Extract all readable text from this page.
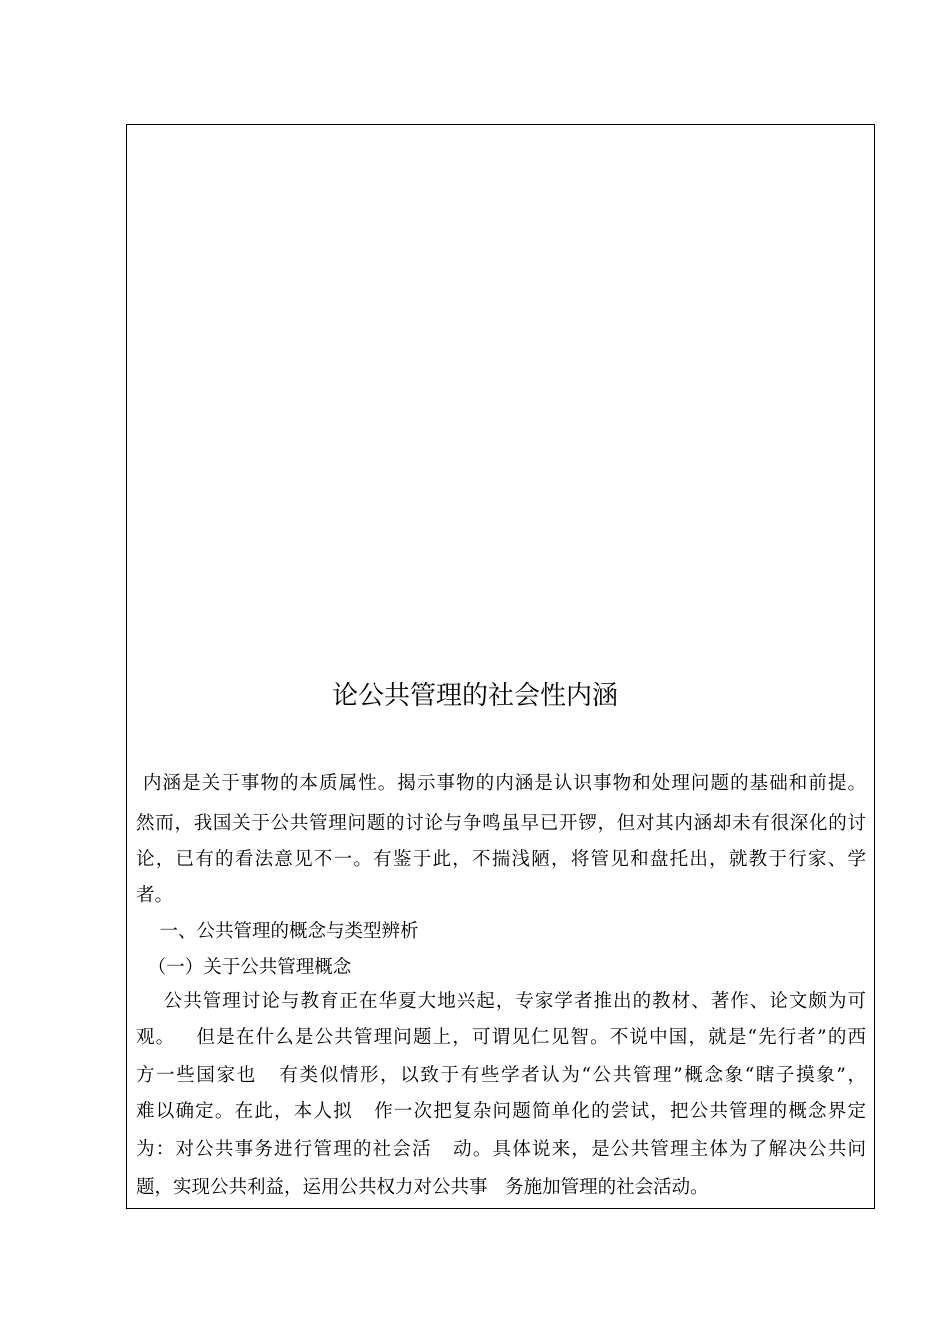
论公共管理的社会性内涵

内涵是关于事物的本质属性。揭示事物的内涵是认识事物和处理问题的基础和前提。

然而，我国关于公共管理问题的讨论与争鸣虽早已开锣，但对其内涵却未有很深化的讨

论，已有的看法意见不一。有鉴于此，不揣浅陋，将管见和盘托出，就教于行家、学

者。

一、公共管理的概念与类型辨析

（一）关于公共管理概念

公共管理讨论与教育正在华夏大地兴起，专家学者推出的教材、著作、论文颇为可

观。   但是在什么是公共管理问题上，可谓见仁见智。不说中国，就是“先行者”的西

方一些国家也   有类似情形，以致于有些学者认为“公共管理”概念象“瞎子摸象”，

难以确定。在此，本人拟   作一次把复杂问题简单化的尝试，把公共管理的概念界定

为：对公共事务进行管理的社会活   动。具体说来，是公共管理主体为了解决公共问

题，实现公共利益，运用公共权力对公共事   务施加管理的社会活动。
